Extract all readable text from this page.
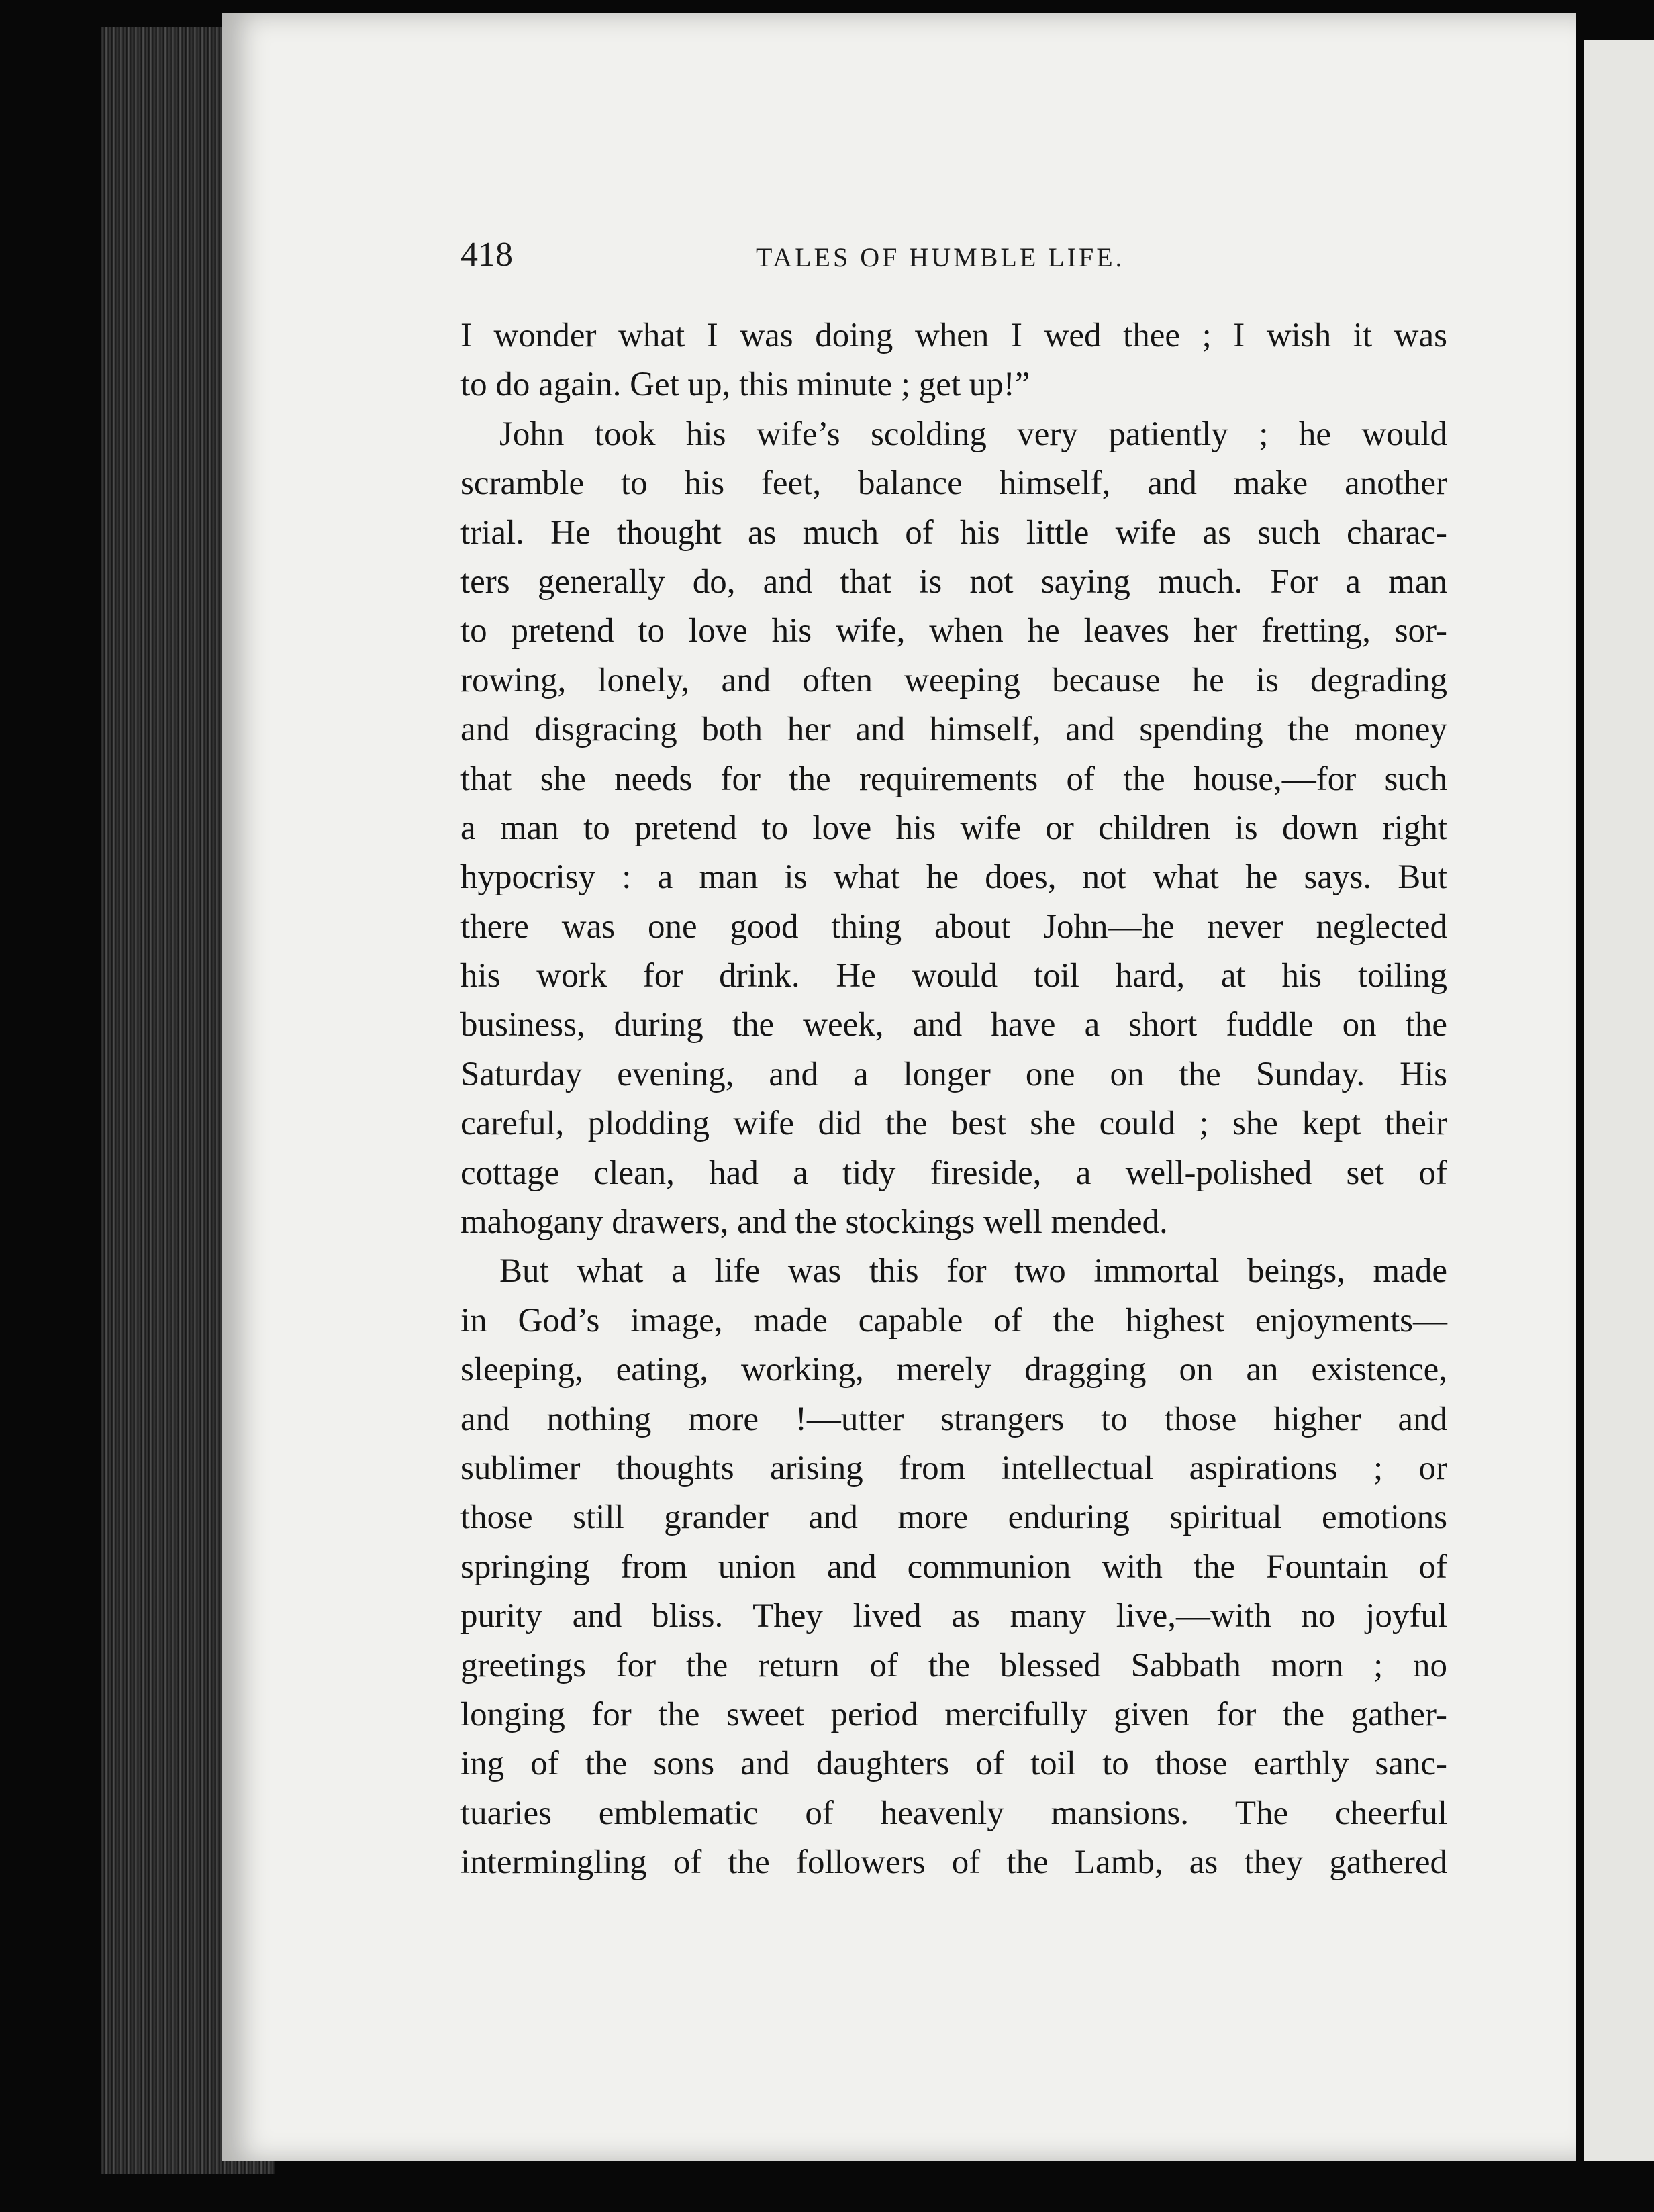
418	TALES OF HUMBLE LIFE.
I wonder what I was doing when I wed thee ; I wish it was
to do again. Get up, this minute ; get up!”
John took his wife’s scolding very patiently ; he would
scramble to his feet, balance himself, and make another
trial. He thought as much of his little wife as such charac-
ters generally do, and that is not saying much. For a man
to pretend to love his wife, when he leaves her fretting, sor-
rowing, lonely, and often weeping because he is degrading
and disgracing both her and himself, and spending the money
that she needs for the requirements of the house,—for such
a man to pretend to love his wife or children is down right
hypocrisy : a man is what he does, not what he says. But
there was one good thing about John—he never neglected
his work for drink. He would toil hard, at his toiling
business, during the week, and have a short fuddle on the
Saturday evening, and a longer one on the Sunday. His
careful, plodding wife did the best she could ; she kept their
cottage clean, had a tidy fireside, a well-polished set of
mahogany drawers, and the stockings well mended.
But what a life was this for two immortal beings, made
in God’s image, made capable of the highest enjoyments—
sleeping, eating, working, merely dragging on an existence,
and nothing more !—utter strangers to those higher and
sublimer thoughts arising from intellectual aspirations ; or
those still grander and more enduring spiritual emotions
springing from union and communion with the Fountain of
purity and bliss. They lived as many live,—with no joyful
greetings for the return of the blessed Sabbath morn ; no
longing for the sweet period mercifully given for the gather-
ing of the sons and daughters of toil to those earthly sanc-
tuaries emblematic of heavenly mansions. The cheerful
intermingling of the followers of the Lamb, as they gathered
